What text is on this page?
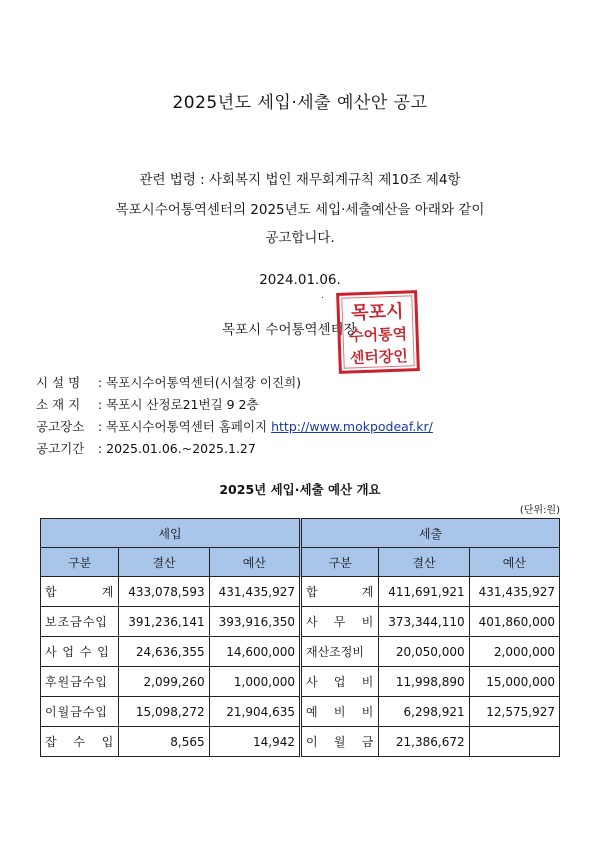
2025년도 세입·세출 예산안 공고
관련 법령 : 사회복지 법인 재무회계규칙 제10조 제4항
목포시수어통역센터의 2025년도 세입·세출예산을 아래와 같이
공고합니다.
2024.01.06.
·
목포시 수어통역센터장
목포시
수어통역
센터장인
시 설 명 : 목포시수어통역센터(시설장 이진희)
소 재 지 : 목포시 산정로21번길 9 2층
공고장소 : 목포시수어통역센터 홈페이지 http://www.mokpodeaf.kr/
공고기간 : 2025.01.06.~2025.1.27
2025년 세입·세출 예산 개요
(단위:원)
세입			세출		
구분	결산	예산	구분	결산	예산
합 계	433,078,593	431,435,927	합 계	411,691,921	431,435,927
보조금수입	391,236,141	393,916,350	사 무 비	373,344,110	401,860,000
사 업 수 입	24,636,355	14,600,000	재산조정비	20,050,000	2,000,000
후원금수입	2,099,260	1,000,000	사 업 비	11,998,890	15,000,000
이월금수입	15,098,272	21,904,635	예 비 비	6,298,921	12,575,927
잡 수 입	8,565	14,942	이 월 금	21,386,672	
